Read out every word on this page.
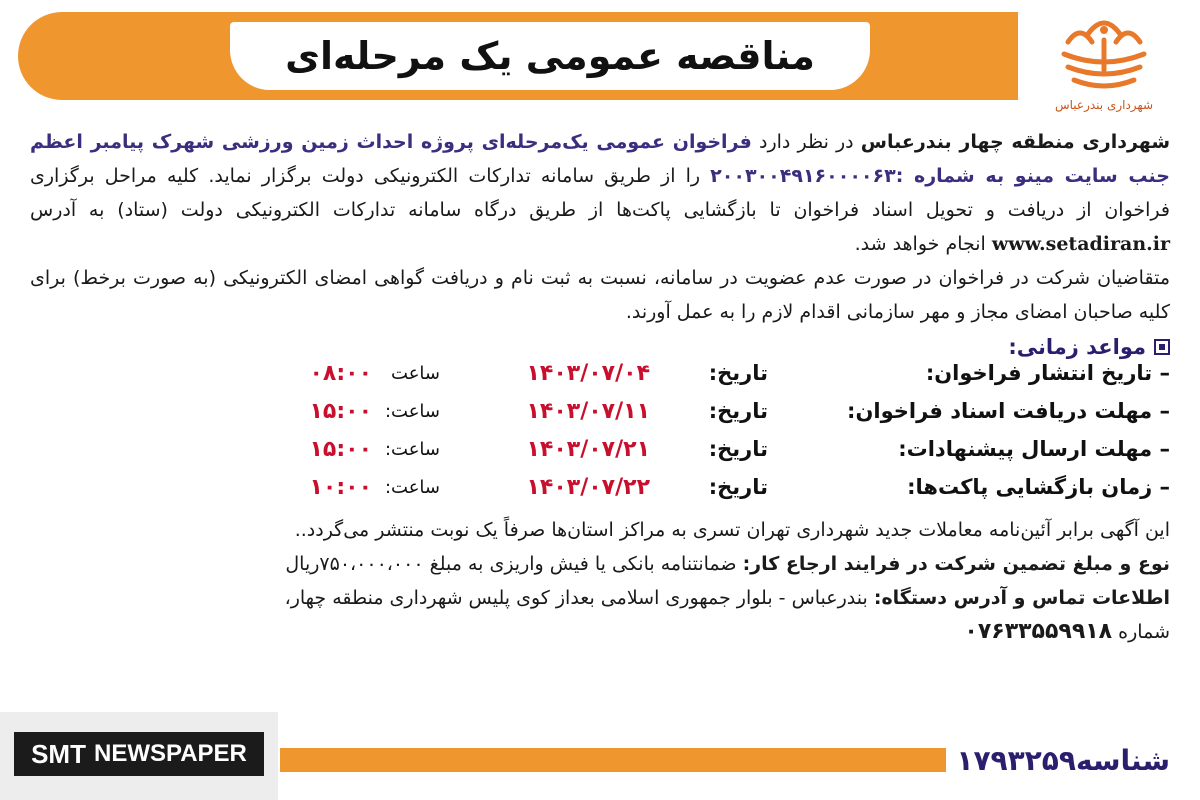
مناقصه عمومی یک مرحله‌ای
شهرداری بندرعباس

شهرداری منطقه چهار بندرعباس در نظر دارد فراخوان عمومی یک‌مرحله‌ای پروژه احداث زمین ورزشی شهرک پیامبر اعظم جنب سایت مینو به شماره :۲۰۰۳۰۰۴۹۱۶۰۰۰۰۶۳ را از طریق سامانه تدارکات الکترونیکی دولت برگزار نماید. کلیه مراحل برگزاری فراخوان از دریافت و تحویل اسناد فراخوان تا بازگشایی پاکت‌ها از طریق درگاه سامانه تدارکات الکترونیکی دولت (ستاد) به آدرس www.setadiran.ir انجام خواهد شد.

متقاضیان شرکت در فراخوان در صورت عدم عضویت در سامانه، نسبت به ثبت نام و دریافت گواهی امضای الکترونیکی (به صورت برخط) برای کلیه صاحبان امضای مجاز و مهر سازمانی اقدام لازم را به عمل آورند.

مواعد زمانی:
– تاریخ انتشار فراخوان:
تاریخ:
۱۴۰۳/۰۷/۰۴
ساعت
۰۸:۰۰
– مهلت دریافت اسناد فراخوان:
تاریخ:
۱۴۰۳/۰۷/۱۱
ساعت:
۱۵:۰۰
– مهلت ارسال پیشنهادات:
تاریخ:
۱۴۰۳/۰۷/۲۱
ساعت:
۱۵:۰۰
– زمان بازگشایی پاکت‌ها:
تاریخ:
۱۴۰۳/۰۷/۲۲
ساعت:
۱۰:۰۰

این آگهی برابر آئین‌نامه معاملات جدید شهرداری تهران تسری به مراکز استان‌ها صرفاً یک نوبت منتشر می‌گردد..

نوع و مبلغ تضمین شرکت در فرایند ارجاع کار: ضمانتنامه بانکی یا فیش واریزی به مبلغ ۷۵۰،۰۰۰،۰۰۰ریال

اطلاعات تماس و آدرس دستگاه: بندرعباس - بلوار جمهوری اسلامی بعداز کوی پلیس شهرداری منطقه چهار،

شماره ۰۷۶۳۳۵۵۹۹۱۸

شناسه۱۷۹۳۲۵۹
SMT NEWSPAPER
